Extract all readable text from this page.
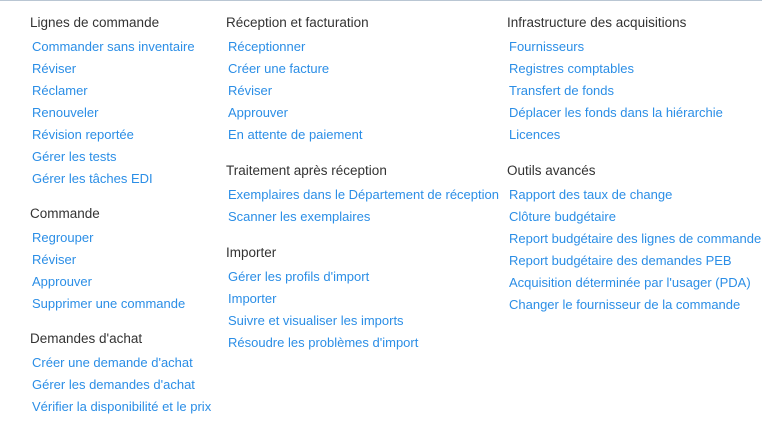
Lignes de commande
Commander sans inventaire
Réviser
Réclamer
Renouveler
Révision reportée
Gérer les tests
Gérer les tâches EDI
Commande
Regrouper
Réviser
Approuver
Supprimer une commande
Demandes d'achat
Créer une demande d'achat
Gérer les demandes d'achat
Vérifier la disponibilité et le prix
Réception et facturation
Réceptionner
Créer une facture
Réviser
Approuver
En attente de paiement
Traitement après réception
Exemplaires dans le Département de réception
Scanner les exemplaires
Importer
Gérer les profils d'import
Importer
Suivre et visualiser les imports
Résoudre les problèmes d'import
Infrastructure des acquisitions
Fournisseurs
Registres comptables
Transfert de fonds
Déplacer les fonds dans la hiérarchie
Licences
Outils avancés
Rapport des taux de change
Clôture budgétaire
Report budgétaire des lignes de commande
Report budgétaire des demandes PEB
Acquisition déterminée par l'usager (PDA)
Changer le fournisseur de la commande
